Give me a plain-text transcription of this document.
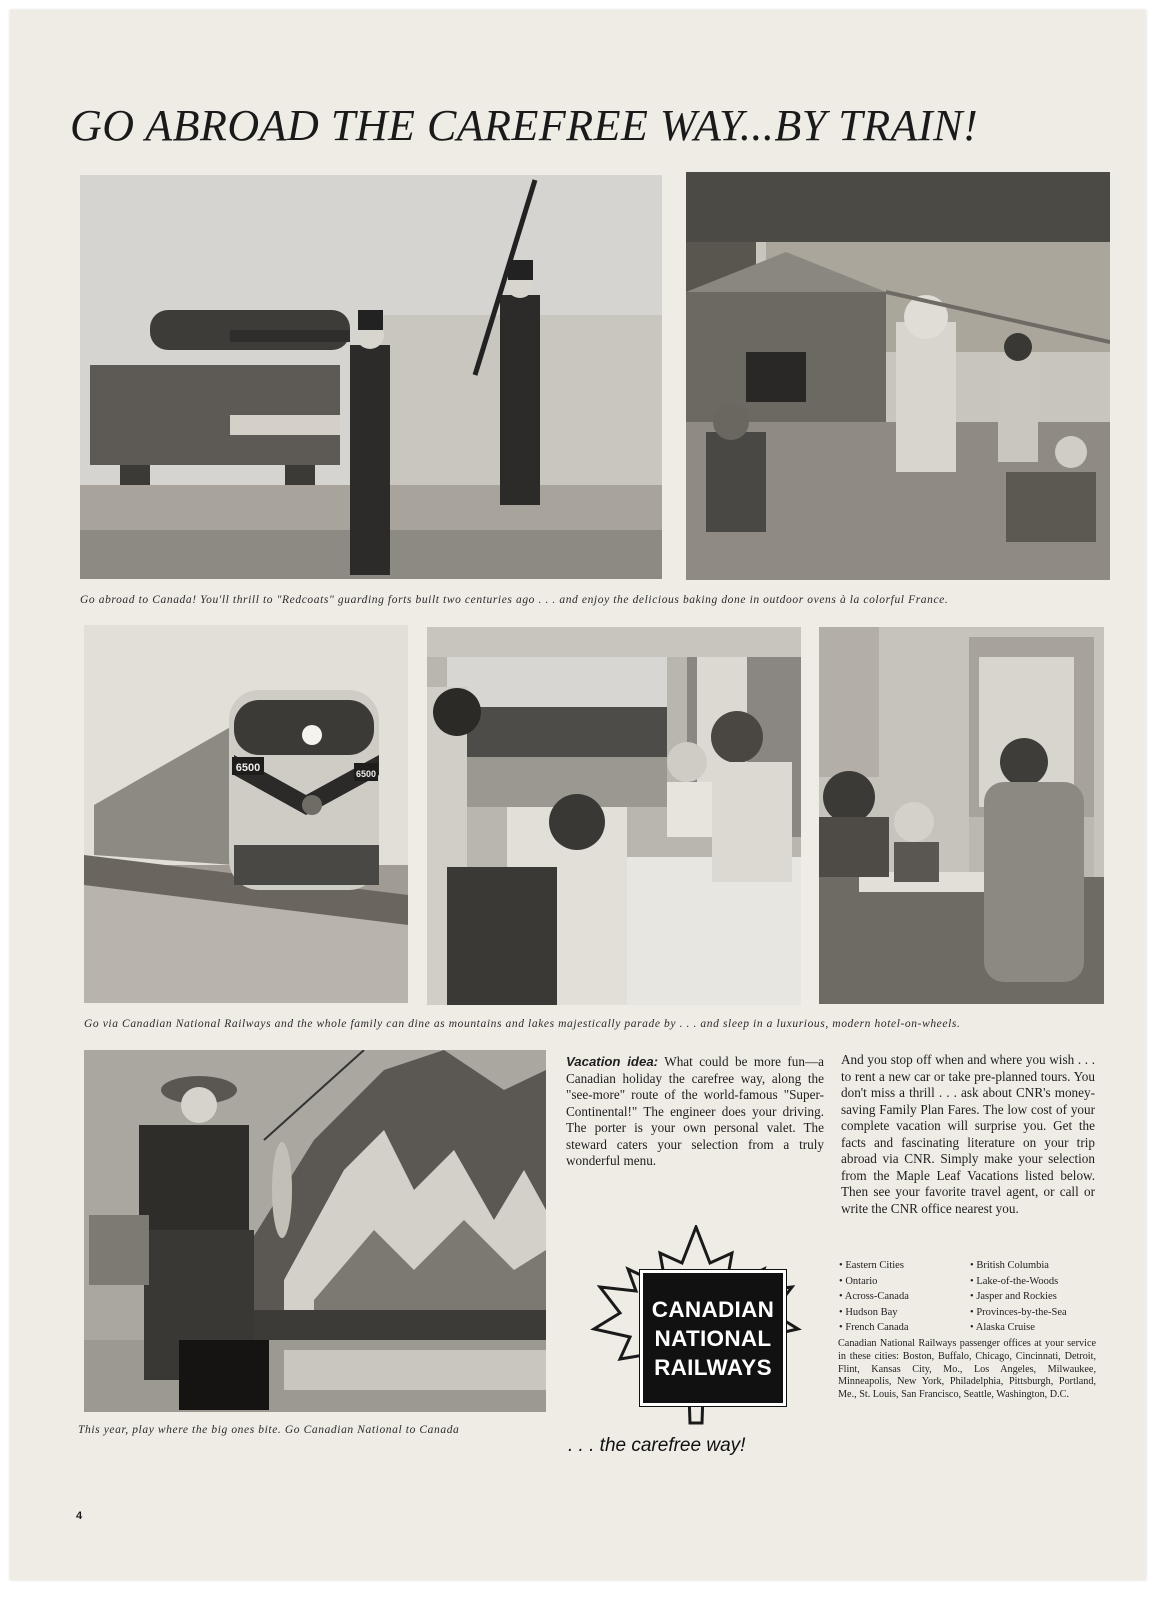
GO ABROAD THE CAREFREE WAY...BY TRAIN!
Go abroad to Canada! You'll thrill to "Redcoats" guarding forts built two centuries ago . . . and enjoy the delicious baking done in outdoor ovens à la colorful France.
6500	6500
Go via Canadian National Railways and the whole family can dine as mountains and lakes majestically parade by . . . and sleep in a luxurious, modern hotel-on-wheels.
This year, play where the big ones bite. Go Canadian National to Canada
. . . the carefree way!
Vacation idea: What could be more fun—a Canadian holiday the carefree way, along the "see-more" route of the world-famous "Super-Continental!" The engineer does your driving. The porter is your own personal valet. The steward caters your selection from a truly wonderful menu.
And you stop off when and where you wish . . . to rent a new car or take pre-planned tours. You don't miss a thrill . . . ask about CNR's money-saving Family Plan Fares. The low cost of your complete vacation will surprise you. Get the facts and fascinating literature on your trip abroad via CNR. Simply make your selection from the Maple Leaf Vacations listed below. Then see your favorite travel agent, or call or write the CNR office nearest you.
CANADIAN
NATIONAL
RAILWAYS
• Eastern Cities
• Ontario
• Across-Canada
• Hudson Bay
• French Canada
• British Columbia
• Lake-of-the-Woods
• Jasper and Rockies
• Provinces-by-the-Sea
• Alaska Cruise
Canadian National Railways passenger offices at your service in these cities: Boston, Buffalo, Chicago, Cincinnati, Detroit, Flint, Kansas City, Mo., Los Angeles, Milwaukee, Minneapolis, New York, Philadelphia, Pittsburgh, Portland, Me., St. Louis, San Francisco, Seattle, Washington, D.C.
4
